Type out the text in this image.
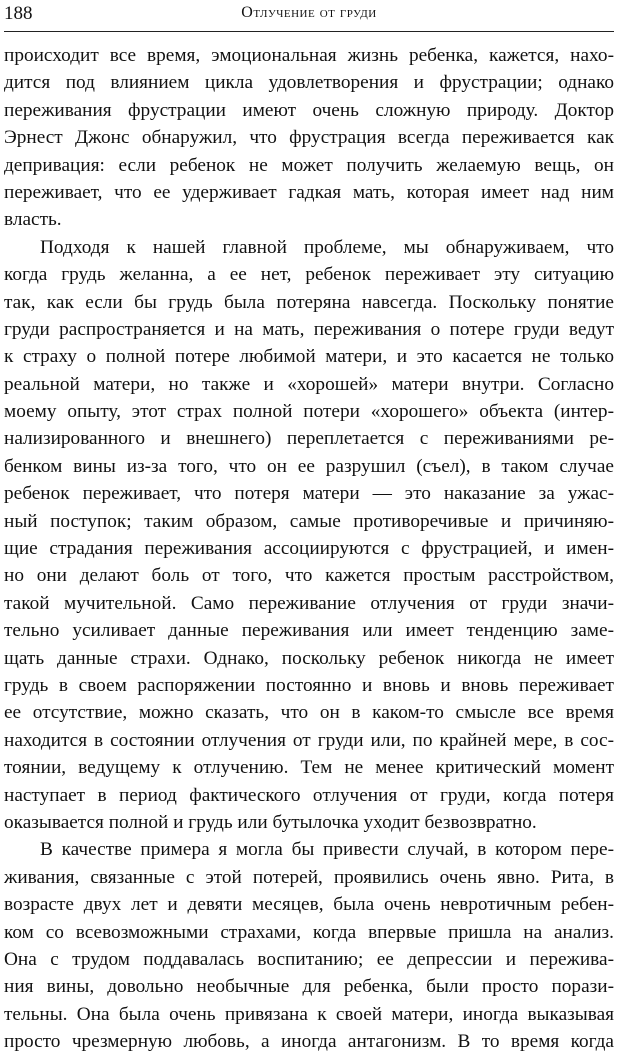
188	Отлучение от груди

происходит все время, эмоциональная жизнь ребенка, кажется, нахо-
дится под влиянием цикла удовлетворения и фрустрации; однако
переживания фрустрации имеют очень сложную природу. Доктор
Эрнест Джонс обнаружил, что фрустрация всегда переживается как
депривация: если ребенок не может получить желаемую вещь, он
переживает, что ее удерживает гадкая мать, которая имеет над ним
власть.

Подходя к нашей главной проблеме, мы обнаруживаем, что
когда грудь желанна, а ее нет, ребенок переживает эту ситуацию
так, как если бы грудь была потеряна навсегда. Поскольку понятие
груди распространяется и на мать, переживания о потере груди ведут
к страху о полной потере любимой матери, и это касается не только
реальной матери, но также и «хорошей» матери внутри. Согласно
моему опыту, этот страх полной потери «хорошего» объекта (интер-
нализированного и внешнего) переплетается с переживаниями ре-
бенком вины из-за того, что он ее разрушил (съел), в таком случае
ребенок переживает, что потеря матери — это наказание за ужас-
ный поступок; таким образом, самые противоречивые и причиняю-
щие страдания переживания ассоциируются с фрустрацией, и имен-
но они делают боль от того, что кажется простым расстройством,
такой мучительной. Само переживание отлучения от груди значи-
тельно усиливает данные переживания или имеет тенденцию заме-
щать данные страхи. Однако, поскольку ребенок никогда не имеет
грудь в своем распоряжении постоянно и вновь и вновь переживает
ее отсутствие, можно сказать, что он в каком-то смысле все время
находится в состоянии отлучения от груди или, по крайней мере, в сос-
тоянии, ведущему к отлучению. Тем не менее критический момент
наступает в период фактического отлучения от груди, когда потеря
оказывается полной и грудь или бутылочка уходит безвозвратно.

В качестве примера я могла бы привести случай, в котором пере-
живания, связанные с этой потерей, проявились очень явно. Рита, в
возрасте двух лет и девяти месяцев, была очень невротичным ребен-
ком со всевозможными страхами, когда впервые пришла на анализ.
Она с трудом поддавалась воспитанию; ее депрессии и пережива-
ния вины, довольно необычные для ребенка, были просто порази-
тельны. Она была очень привязана к своей матери, иногда выказывая
просто чрезмерную любовь, а иногда антагонизм. В то время когда
